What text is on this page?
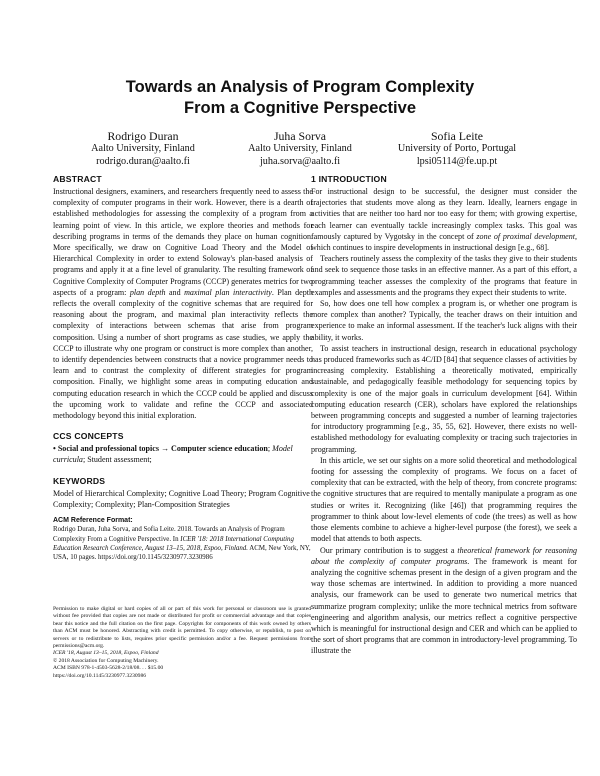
Towards an Analysis of Program Complexity
From a Cognitive Perspective
Rodrigo Duran
Aalto University, Finland
rodrigo.duran@aalto.fi
Juha Sorva
Aalto University, Finland
juha.sorva@aalto.fi
Sofia Leite
University of Porto, Portugal
lpsi05114@fe.up.pt
ABSTRACT

Instructional designers, examiners, and researchers frequently need to assess the complexity of computer programs in their work. However, there is a dearth of established methodologies for assessing the complexity of a program from a learning point of view. In this article, we explore theories and methods for describing programs in terms of the demands they place on human cognition. More specifically, we draw on Cognitive Load Theory and the Model of Hierarchical Complexity in order to extend Soloway's plan-based analysis of programs and apply it at a fine level of granularity. The resulting framework of Cognitive Complexity of Computer Programs (CCCP) generates metrics for two aspects of a program: plan depth and maximal plan interactivity. Plan depth reflects the overall complexity of the cognitive schemas that are required for reasoning about the program, and maximal plan interactivity reflects the complexity of interactions between schemas that arise from program composition. Using a number of short programs as case studies, we apply the CCCP to illustrate why one program or construct is more complex than another, to identify dependencies between constructs that a novice programmer needs to learn and to contrast the complexity of different strategies for program composition. Finally, we highlight some areas in computing education and computing education research in which the CCCP could be applied and discuss the upcoming work to validate and refine the CCCP and associated methodology beyond this initial exploration.

CCS CONCEPTS

• Social and professional topics → Computer science education; Model curricula; Student assessment;

KEYWORDS

Model of Hierarchical Complexity; Cognitive Load Theory; Program Cognitive Complexity; Complexity; Plan-Composition Strategies

ACM Reference Format:

Rodrigo Duran, Juha Sorva, and Sofia Leite. 2018. Towards an Analysis of Program Complexity From a Cognitive Perspective. In ICER '18: 2018 International Computing Education Research Conference, August 13–15, 2018, Espoo, Finland. ACM, New York, NY, USA, 10 pages. https://doi.org/10.1145/3230977.3230986

Permission to make digital or hard copies of all or part of this work for personal or classroom use is granted without fee provided that copies are not made or distributed for profit or commercial advantage and that copies bear this notice and the full citation on the first page. Copyrights for components of this work owned by others than ACM must be honored. Abstracting with credit is permitted. To copy otherwise, or republish, to post on servers or to redistribute to lists, requires prior specific permission and/or a fee. Request permissions from permissions@acm.org.

ICER '18, August 13–15, 2018, Espoo, Finland

© 2018 Association for Computing Machinery.

ACM ISBN 978-1-4503-5628-2/18/08. . . $15.00

https://doi.org/10.1145/3230977.3230986

1 INTRODUCTION

For instructional design to be successful, the designer must consider the trajectories that students move along as they learn. Ideally, learners engage in activities that are neither too hard nor too easy for them; with growing expertise, each learner can eventually tackle increasingly complex tasks. This goal was famously captured by Vygotsky in the concept of zone of proximal development, which continues to inspire developments in instructional design [e.g., 68].

Teachers routinely assess the complexity of the tasks they give to their students and seek to sequence those tasks in an effective manner. As a part of this effort, a programming teacher assesses the complexity of the programs that feature in examples and assessments and the programs they expect their students to write.

So, how does one tell how complex a program is, or whether one program is more complex than another? Typically, the teacher draws on their intuition and experience to make an informal assessment. If the teacher's luck aligns with their ability, it works.

To assist teachers in instructional design, research in educational psychology has produced frameworks such as 4C/ID [84] that sequence classes of activities by increasing complexity. Establishing a theoretically motivated, empirically sustainable, and pedagogically feasible methodology for sequencing topics by complexity is one of the major goals in curriculum development [64]. Within computing education research (CER), scholars have explored the relationships between programming concepts and suggested a number of learning trajectories for introductory programming [e.g., 35, 55, 62]. However, there exists no well-established methodology for evaluating complexity or tracing such trajectories in programming.

In this article, we set our sights on a more solid theoretical and methodological footing for assessing the complexity of programs. We focus on a facet of complexity that can be extracted, with the help of theory, from concrete programs: the cognitive structures that are required to mentally manipulate a program as one studies or writes it. Recognizing (like [46]) that programming requires the programmer to think about low-level elements of code (the trees) as well as how those elements combine to achieve a higher-level purpose (the forest), we seek a model that attends to both aspects.

Our primary contribution is to suggest a theoretical framework for reasoning about the complexity of computer programs. The framework is meant for analyzing the cognitive schemas present in the design of a given program and the way those schemas are intertwined. In addition to providing a more nuanced analysis, our framework can be used to generate two numerical metrics that summarize program complexity; unlike the more technical metrics from software engineering and algorithm analysis, our metrics reflect a cognitive perspective which is meaningful for instructional design and CER and which can be applied to the sort of short programs that are common in introductory-level programming. To illustrate the
